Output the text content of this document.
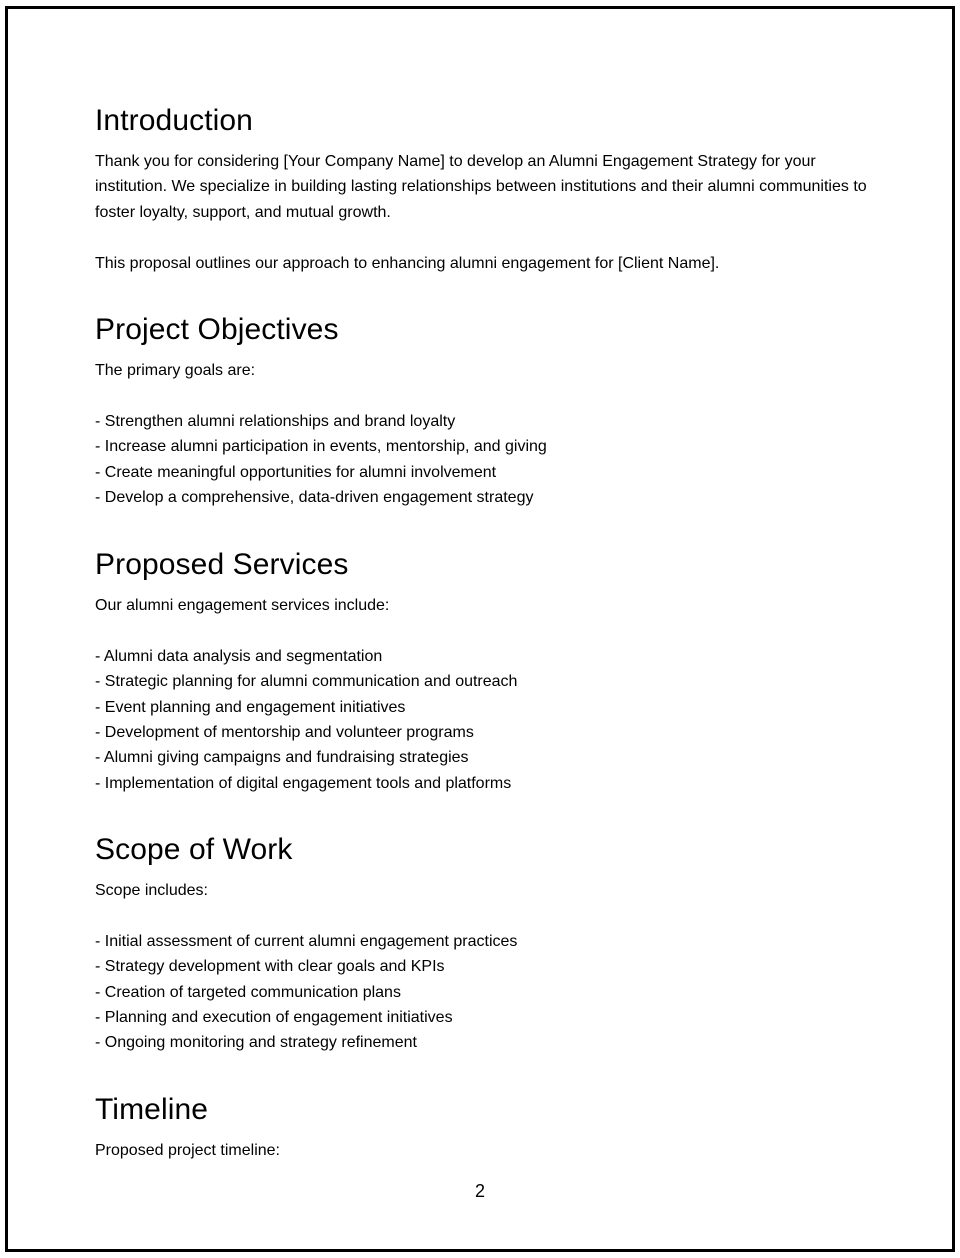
Introduction

Thank you for considering [Your Company Name] to develop an Alumni Engagement Strategy for your institution. We specialize in building lasting relationships between institutions and their alumni communities to foster loyalty, support, and mutual growth.

This proposal outlines our approach to enhancing alumni engagement for [Client Name].

Project Objectives

The primary goals are:

- Strengthen alumni relationships and brand loyalty
- Increase alumni participation in events, mentorship, and giving
- Create meaningful opportunities for alumni involvement
- Develop a comprehensive, data-driven engagement strategy
Proposed Services

Our alumni engagement services include:

- Alumni data analysis and segmentation
- Strategic planning for alumni communication and outreach
- Event planning and engagement initiatives
- Development of mentorship and volunteer programs
- Alumni giving campaigns and fundraising strategies
- Implementation of digital engagement tools and platforms
Scope of Work

Scope includes:

- Initial assessment of current alumni engagement practices
- Strategy development with clear goals and KPIs
- Creation of targeted communication plans
- Planning and execution of engagement initiatives
- Ongoing monitoring and strategy refinement
Timeline

Proposed project timeline:

2
